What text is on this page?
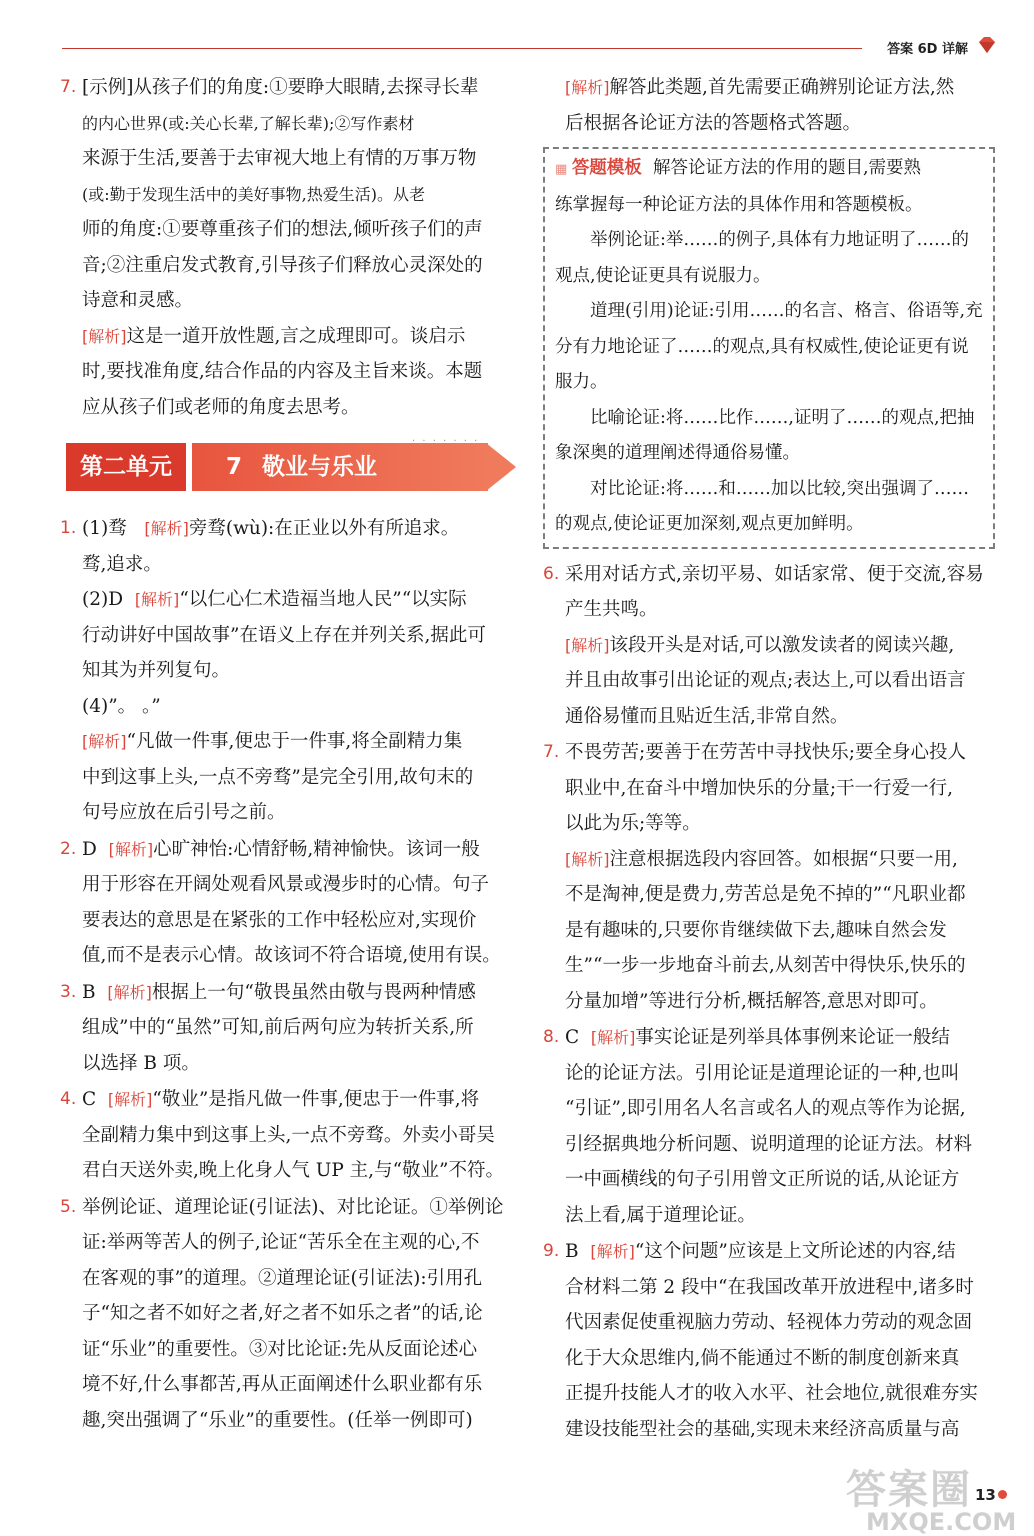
答案 6D 详解
7. [示例]从孩子们的角度:①要睁大眼睛,去探寻长辈
的内心世界(或:关心长辈,了解长辈);②写作素材
来源于生活,要善于去审视大地上有情的万事万物
(或:勤于发现生活中的美好事物,热爱生活)。从老
师的角度:①要尊重孩子们的想法,倾听孩子们的声
音;②注重启发式教育,引导孩子们释放心灵深处的
诗意和灵感。
[解析]这是一道开放性题,言之成理即可。谈启示
时,要找准角度,结合作品的内容及主旨来谈。本题
应从孩子们或老师的角度去思考。
第二单元	7 敬业与乐业
· · · · · · ·
1. (1)骛 [解析]旁骛(wù):在正业以外有所追求。
骛,追求。
(2)D [解析]“以仁心仁术造福当地人民”“以实际
行动讲好中国故事”在语义上存在并列关系,据此可
知其为并列复句。
(4)”。 。”
[解析]“凡做一件事,便忠于一件事,将全副精力集
中到这事上头,一点不旁骛”是完全引用,故句末的
句号应放在后引号之前。
2. D [解析]心旷神怡:心情舒畅,精神愉快。该词一般
用于形容在开阔处观看风景或漫步时的心情。句子
要表达的意思是在紧张的工作中轻松应对,实现价
值,而不是表示心情。故该词不符合语境,使用有误。
3. B [解析]根据上一句“敬畏虽然由敬与畏两种情感
组成”中的“虽然”可知,前后两句应为转折关系,所
以选择 B 项。
4. C [解析]“敬业”是指凡做一件事,便忠于一件事,将
全副精力集中到这事上头,一点不旁骛。外卖小哥吴
君白天送外卖,晚上化身人气 UP 主,与“敬业”不符。
5. 举例论证、道理论证(引证法)、对比论证。①举例论
证:举两等苦人的例子,论证“苦乐全在主观的心,不
在客观的事”的道理。②道理论证(引证法):引用孔
子“知之者不如好之者,好之者不如乐之者”的话,论
证“乐业”的重要性。③对比论证:先从反面论述心
境不好,什么事都苦,再从正面阐述什么职业都有乐
趣,突出强调了“乐业”的重要性。(任举一例即可)
[解析]解答此类题,首先需要正确辨别论证方法,然
后根据各论证方法的答题格式答题。

▦ 答题模板 解答论证方法的作用的题目,需要熟

练掌握每一种论证方法的具体作用和答题模板。

举例论证:举……的例子,具体有力地证明了……的观点,使论证更具有说服力。

道理(引用)论证:引用……的名言、格言、俗语等,充分有力地论证了……的观点,具有权威性,使论证更有说服力。

比喻论证:将……比作……,证明了……的观点,把抽象深奥的道理阐述得通俗易懂。

对比论证:将……和……加以比较,突出强调了……的观点,使论证更加深刻,观点更加鲜明。

6. 采用对话方式,亲切平易、如话家常、便于交流,容易
产生共鸣。
[解析]该段开头是对话,可以激发读者的阅读兴趣,
并且由故事引出论证的观点;表达上,可以看出语言
通俗易懂而且贴近生活,非常自然。
7. 不畏劳苦;要善于在劳苦中寻找快乐;要全身心投人
职业中,在奋斗中增加快乐的分量;干一行爱一行,
以此为乐;等等。
[解析]注意根据选段内容回答。如根据“只要一用,
不是淘神,便是费力,劳苦总是免不掉的”“凡职业都
是有趣味的,只要你肯继续做下去,趣味自然会发
生”“一步一步地奋斗前去,从刻苦中得快乐,快乐的
分量加增”等进行分析,概括解答,意思对即可。
8. C [解析]事实论证是列举具体事例来论证一般结
论的论证方法。引用论证是道理论证的一种,也叫
“引证”,即引用名人名言或名人的观点等作为论据,
引经据典地分析问题、说明道理的论证方法。材料
一中画横线的句子引用曾文正所说的话,从论证方
法上看,属于道理论证。
9. B [解析]“这个问题”应该是上文所论述的内容,结
合材料二第 2 段中“在我国改革开放进程中,诸多时
代因素促使重视脑力劳动、轻视体力劳动的观念固
化于大众思维内,倘不能通过不断的制度创新来真
正提升技能人才的收入水平、社会地位,就很难夯实
建设技能型社会的基础,实现未来经济高质量与高
答案圈
MXQE.COM
13
